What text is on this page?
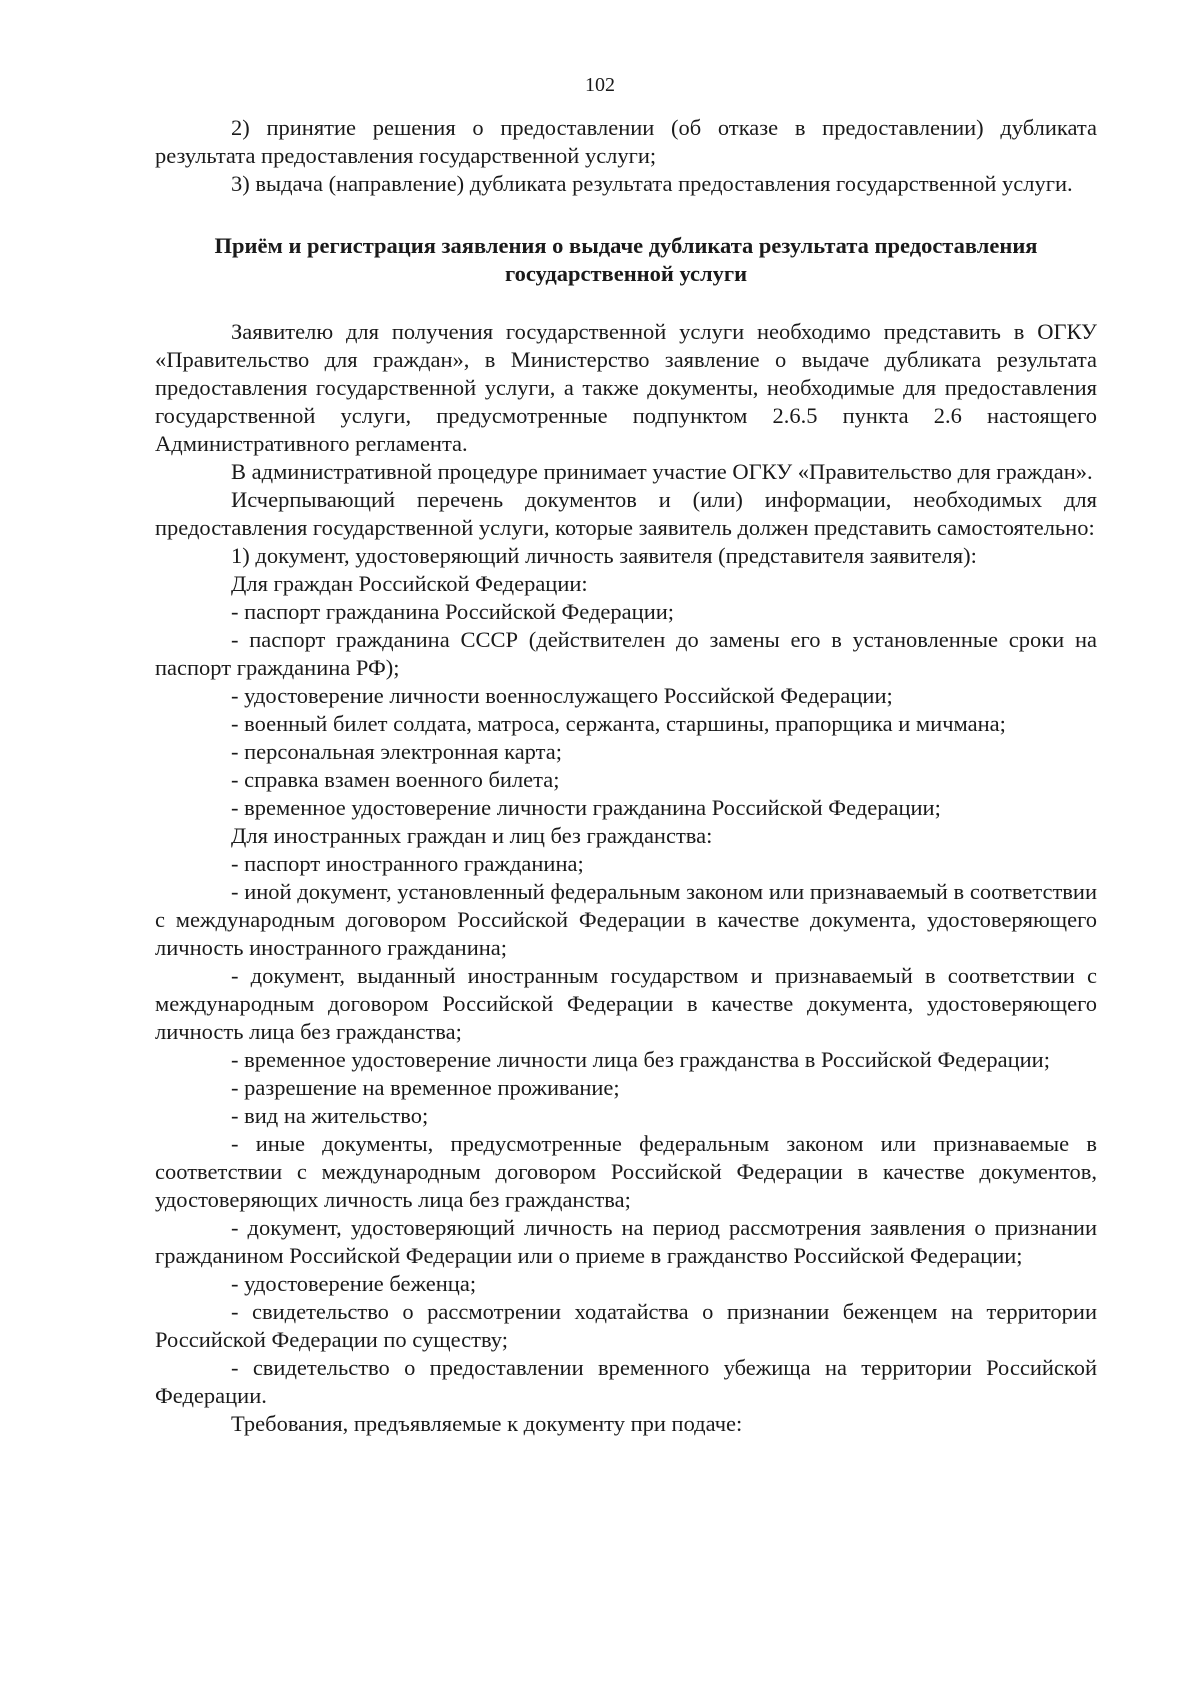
102

2) принятие решения о предоставлении (об отказе в предоставлении) дубликата результата предоставления государственной услуги;

3) выдача (направление) дубликата результата предоставления государственной услуги.

Приём и регистрация заявления о выдаче дубликата результата предоставления государственной услуги

Заявителю для получения государственной услуги необходимо представить в ОГКУ «Правительство для граждан», в Министерство заявление о выдаче дубликата результата предоставления государственной услуги, а также документы, необходимые для предоставления государственной услуги, предусмотренные подпунктом 2.6.5 пункта 2.6 настоящего Административного регламента.

В административной процедуре принимает участие ОГКУ «Правительство для граждан».

Исчерпывающий перечень документов и (или) информации, необходимых для предоставления государственной услуги, которые заявитель должен представить самостоятельно:

1) документ, удостоверяющий личность заявителя (представителя заявителя):

Для граждан Российской Федерации:

- паспорт гражданина Российской Федерации;

- паспорт гражданина СССР (действителен до замены его в установленные сроки на паспорт гражданина РФ);

- удостоверение личности военнослужащего Российской Федерации;

- военный билет солдата, матроса, сержанта, старшины, прапорщика и мичмана;

- персональная электронная карта;

- справка взамен военного билета;

- временное удостоверение личности гражданина Российской Федерации;

Для иностранных граждан и лиц без гражданства:

- паспорт иностранного гражданина;

- иной документ, установленный федеральным законом или признаваемый в соответствии с международным договором Российской Федерации в качестве документа, удостоверяющего личность иностранного гражданина;

- документ, выданный иностранным государством и признаваемый в соответствии с международным договором Российской Федерации в качестве документа, удостоверяющего личность лица без гражданства;

- временное удостоверение личности лица без гражданства в Российской Федерации;

- разрешение на временное проживание;

- вид на жительство;

- иные документы, предусмотренные федеральным законом или признаваемые в соответствии с международным договором Российской Федерации в качестве документов, удостоверяющих личность лица без гражданства;

- документ, удостоверяющий личность на период рассмотрения заявления о признании гражданином Российской Федерации или о приеме в гражданство Российской Федерации;

- удостоверение беженца;

- свидетельство о рассмотрении ходатайства о признании беженцем на территории Российской Федерации по существу;

- свидетельство о предоставлении временного убежища на территории Российской Федерации.

Требования, предъявляемые к документу при подаче:
